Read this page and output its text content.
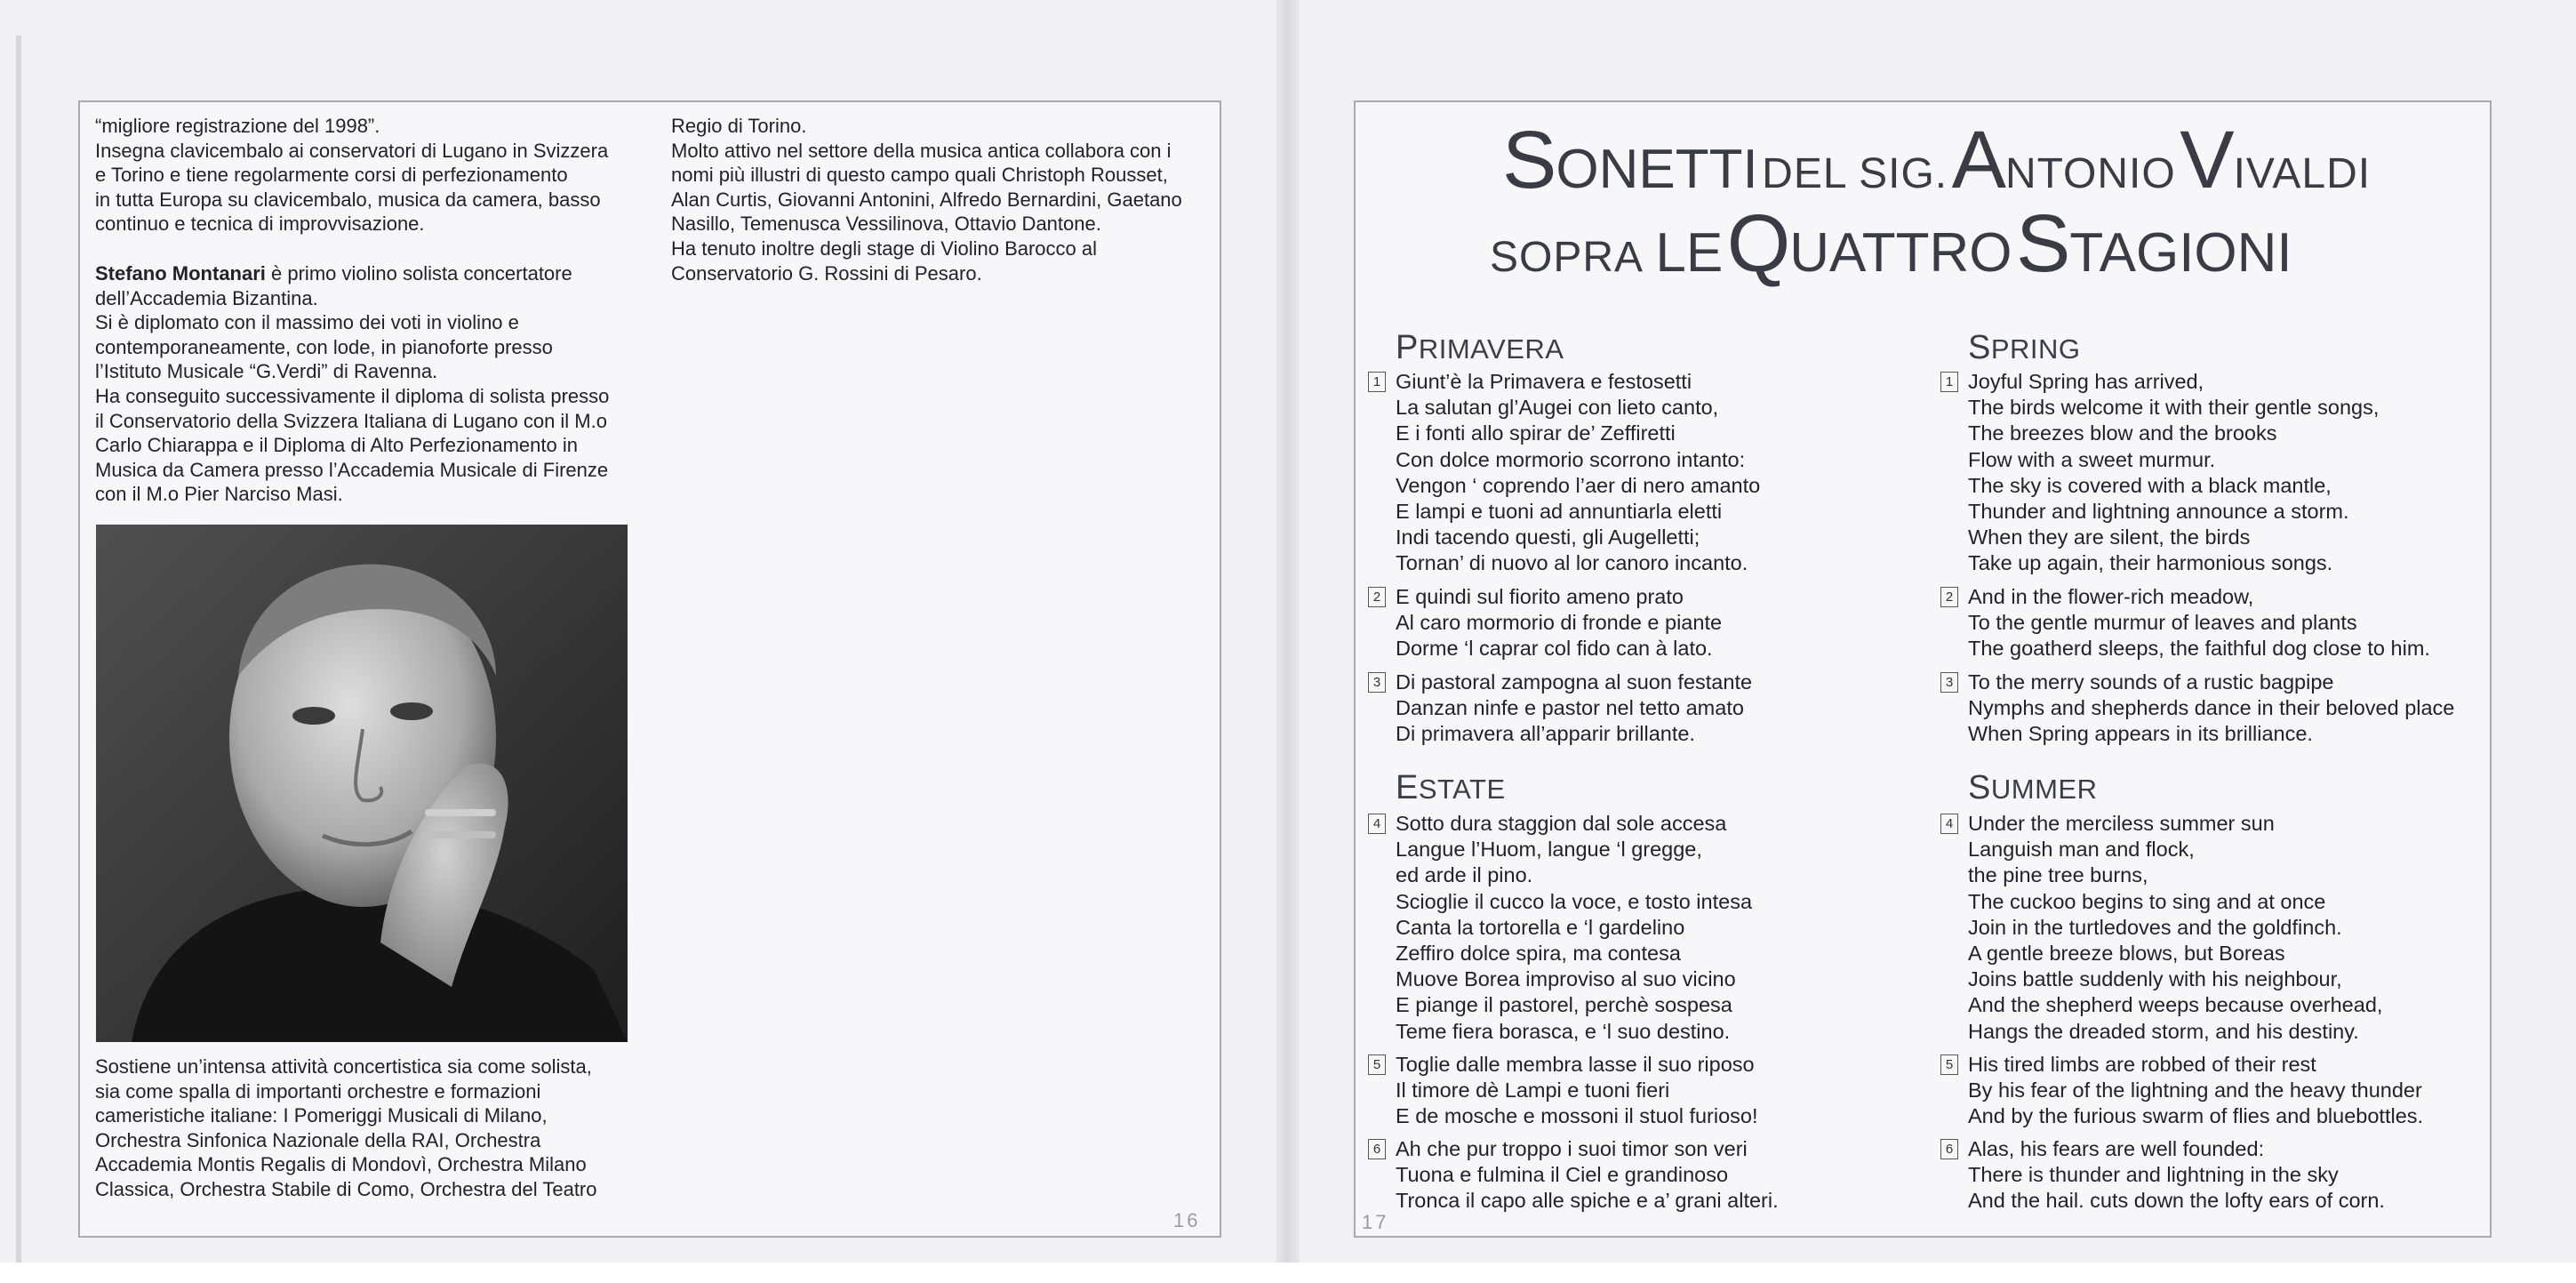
“migliore registrazione del 1998”.
Insegna clavicembalo ai conservatori di Lugano in Svizzera
e Torino e tiene regolarmente corsi di perfezionamento
in tutta Europa su clavicembalo, musica da camera, basso
continuo e tecnica di improvvisazione.
Stefano Montanari è primo violino solista concertatore
dell’Accademia Bizantina.
Si è diplomato con il massimo dei voti in violino e
contemporaneamente, con lode, in pianoforte presso
l’Istituto Musicale “G.Verdi” di Ravenna.
Ha conseguito successivamente il diploma di solista presso
il Conservatorio della Svizzera Italiana di Lugano con il M.o
Carlo Chiarappa e il Diploma di Alto Perfezionamento in
Musica da Camera presso l’Accademia Musicale di Firenze
con il M.o Pier Narciso Masi.
Sostiene un’intensa attività concertistica sia come solista,
sia come spalla di importanti orchestre e formazioni
cameristiche italiane: I Pomeriggi Musicali di Milano,
Orchestra Sinfonica Nazionale della RAI, Orchestra
Accademia Montis Regalis di Mondovì, Orchestra Milano
Classica, Orchestra Stabile di Como, Orchestra del Teatro
Regio di Torino.
Molto attivo nel settore della musica antica collabora con i
nomi più illustri di questo campo quali Christoph Rousset,
Alan Curtis, Giovanni Antonini, Alfredo Bernardini, Gaetano
Nasillo, Temenusca Vessilinova, Ottavio Dantone.
Ha tenuto inoltre degli stage di Violino Barocco al
Conservatorio G. Rossini di Pesaro.
16
SONETTI DEL SIG. ANTONIO VIVALDI
SOPRA LE QUATTRO STAGIONI
PRIMAVERA	SPRING
ESTATE	SUMMER
1 Giunt’è la Primavera e festosetti
La salutan gl’Augei con lieto canto,
E i fonti allo spirar de’ Zeffiretti
Con dolce mormorio scorrono intanto:
Vengon ‘ coprendo l’aer di nero amanto
E lampi e tuoni ad annuntiarla eletti
Indi tacendo questi, gli Augelletti;
Tornan’ di nuovo al lor canoro incanto.
2 E quindi sul fiorito ameno prato
Al caro mormorio di fronde e piante
Dorme ‘l caprar col fido can à lato.
3 Di pastoral zampogna al suon festante
Danzan ninfe e pastor nel tetto amato
Di primavera all’apparir brillante.
4 Sotto dura staggion dal sole accesa
Langue l’Huom, langue ‘l gregge,
ed arde il pino.
Scioglie il cucco la voce, e tosto intesa
Canta la tortorella e ‘l gardelino
Zeffiro dolce spira, ma contesa
Muove Borea improviso al suo vicino
E piange il pastorel, perchè sospesa
Teme fiera borasca, e ‘l suo destino.
5 Toglie dalle membra lasse il suo riposo
Il timore dè Lampi e tuoni fieri
E de mosche e mossoni il stuol furioso!
6 Ah che pur troppo i suoi timor son veri
Tuona e fulmina il Ciel e grandinoso
Tronca il capo alle spiche e a’ grani alteri.
1 Joyful Spring has arrived,
The birds welcome it with their gentle songs,
The breezes blow and the brooks
Flow with a sweet murmur.
The sky is covered with a black mantle,
Thunder and lightning announce a storm.
When they are silent, the birds
Take up again, their harmonious songs.
2 And in the flower-rich meadow,
To the gentle murmur of leaves and plants
The goatherd sleeps, the faithful dog close to him.
3 To the merry sounds of a rustic bagpipe
Nymphs and shepherds dance in their beloved place
When Spring appears in its brilliance.
4 Under the merciless summer sun
Languish man and flock,
the pine tree burns,
The cuckoo begins to sing and at once
Join in the turtledoves and the goldfinch.
A gentle breeze blows, but Boreas
Joins battle suddenly with his neighbour,
And the shepherd weeps because overhead,
Hangs the dreaded storm, and his destiny.
5 His tired limbs are robbed of their rest
By his fear of the lightning and the heavy thunder
And by the furious swarm of flies and bluebottles.
6 Alas, his fears are well founded:
There is thunder and lightning in the sky
And the hail. cuts down the lofty ears of corn.
17
